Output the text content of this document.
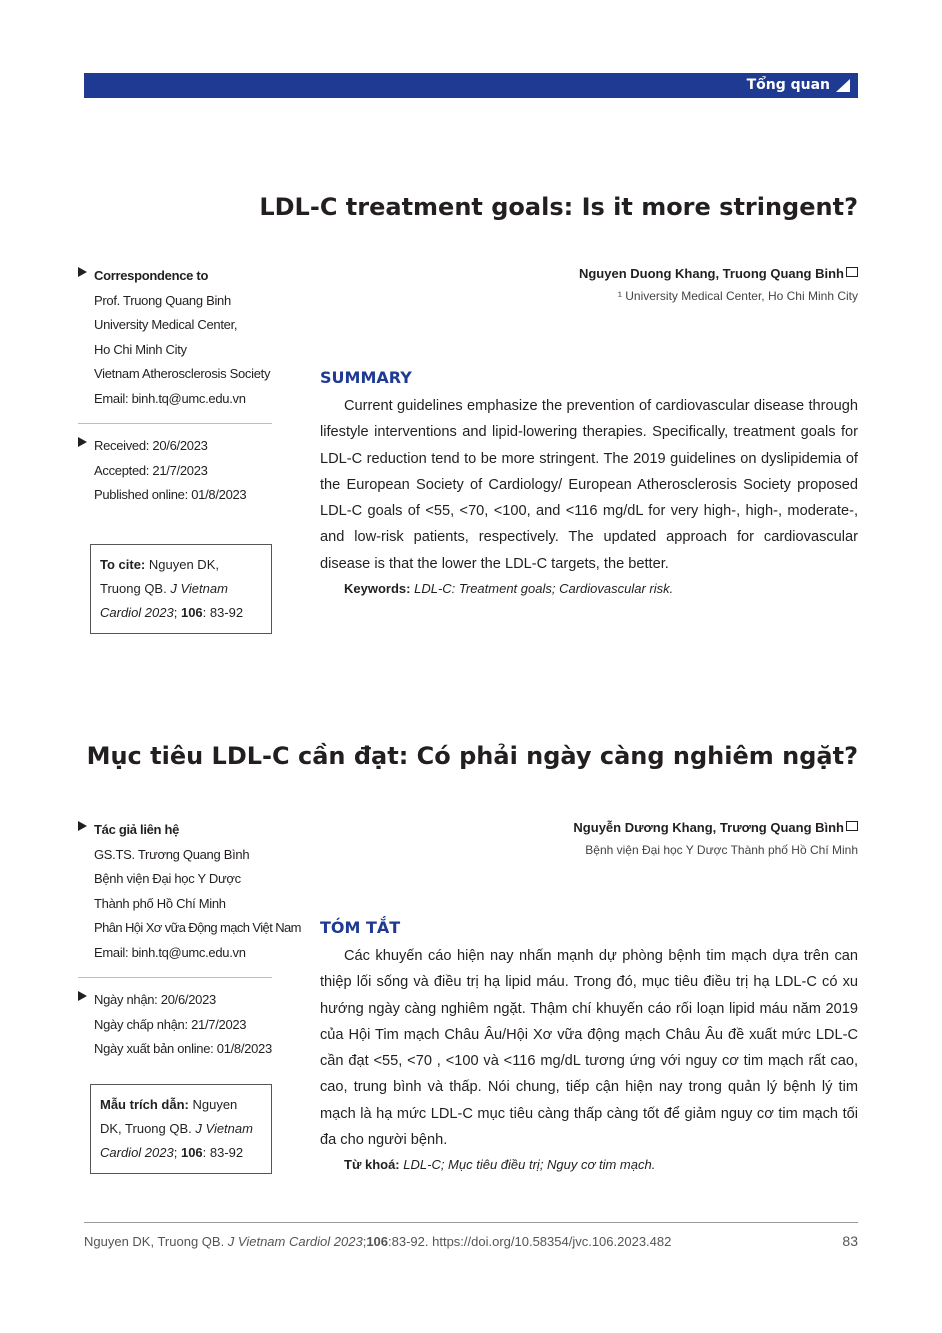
Tổng quan
LDL-C treatment goals: Is it more stringent?
Nguyen Duong Khang, Truong Quang Binh
¹ University Medical Center, Ho Chi Minh City
Correspondence to
Prof. Truong Quang Binh
University Medical Center,
Ho Chi Minh City
Vietnam Atherosclerosis Society
Email: binh.tq@umc.edu.vn
Received: 20/6/2023
Accepted: 21/7/2023
Published online: 01/8/2023
To cite: Nguyen DK, Truong QB. J Vietnam Cardiol 2023; 106: 83-92
SUMMARY
Current guidelines emphasize the prevention of cardiovascular disease through lifestyle interventions and lipid-lowering therapies. Specifically, treatment goals for LDL-C reduction tend to be more stringent. The 2019 guidelines on dyslipidemia of the European Society of Cardiology/ European Atherosclerosis Society proposed LDL-C goals of <55, <70, <100, and <116 mg/dL for very high-, high-, moderate-, and low-risk patients, respectively. The updated approach for cardiovascular disease is that the lower the LDL-C targets, the better.
Keywords: LDL-C: Treatment goals; Cardiovascular risk.
Mục tiêu LDL-C cần đạt: Có phải ngày càng nghiêm ngặt?
Nguyễn Dương Khang, Trương Quang Bình
Bệnh viện Đại học Y Dược Thành phố Hồ Chí Minh
Tác giả liên hệ
GS.TS. Trương Quang Bình
Bệnh viện Đại học Y Dược
Thành phố Hồ Chí Minh
Phân Hội Xơ vữa Động mạch Việt Nam
Email: binh.tq@umc.edu.vn
Ngày nhận: 20/6/2023
Ngày chấp nhận: 21/7/2023
Ngày xuất bản online: 01/8/2023
Mẫu trích dẫn: Nguyen DK, Truong QB. J Vietnam Cardiol 2023; 106: 83-92
TÓM TẮT
Các khuyến cáo hiện nay nhấn mạnh dự phòng bệnh tim mạch dựa trên can thiệp lối sống và điều trị hạ lipid máu. Trong đó, mục tiêu điều trị hạ LDL-C có xu hướng ngày càng nghiêm ngặt. Thậm chí khuyến cáo rối loạn lipid máu năm 2019 của Hội Tim mạch Châu Âu/Hội Xơ vữa động mạch Châu Âu đề xuất mức LDL-C cần đạt <55, <70 , <100 và <116 mg/dL tương ứng với nguy cơ tim mạch rất cao, cao, trung bình và thấp. Nói chung, tiếp cận hiện nay trong quản lý bệnh lý tim mạch là hạ mức LDL-C mục tiêu càng thấp càng tốt để giảm nguy cơ tim mạch tối đa cho người bệnh.
Từ khoá: LDL-C; Mục tiêu điều trị; Nguy cơ tim mạch.
Nguyen DK, Truong QB. J Vietnam Cardiol 2023;106:83-92. https://doi.org/10.58354/jvc.106.2023.482	83
